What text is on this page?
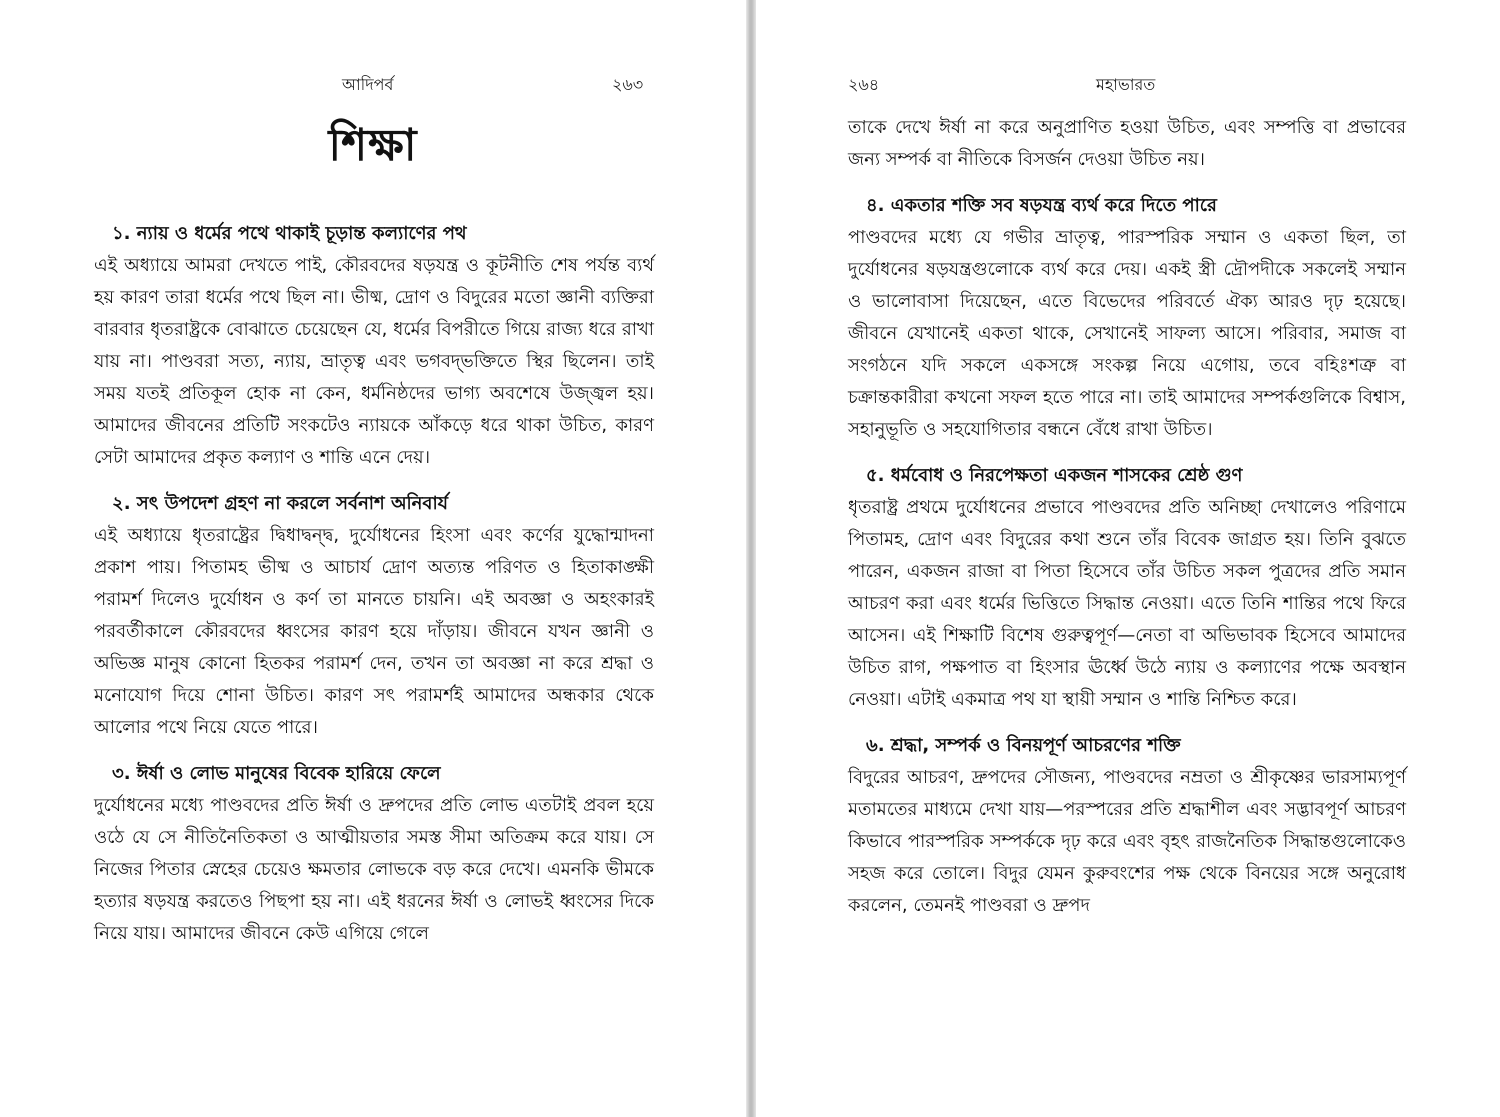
আদিপর্ব	২৬৩
শিক্ষা
১. ন্যায় ও ধর্মের পথে থাকাই চূড়ান্ত কল্যাণের পথ

এই অধ্যায়ে আমরা দেখতে পাই, কৌরবদের ষড়যন্ত্র ও কূটনীতি শেষ পর্যন্ত ব্যর্থ হয় কারণ তারা ধর্মের পথে ছিল না। ভীষ্ম, দ্রোণ ও বিদুরের মতো জ্ঞানী ব্যক্তিরা বারবার ধৃতরাষ্ট্রকে বোঝাতে চেয়েছেন যে, ধর্মের বিপরীতে গিয়ে রাজ্য ধরে রাখা যায় না। পাণ্ডবরা সত্য, ন্যায়, ভ্রাতৃত্ব এবং ভগবদ্‌ভক্তিতে স্থির ছিলেন। তাই সময় যতই প্রতিকূল হোক না কেন, ধর্মনিষ্ঠদের ভাগ্য অবশেষে উজ্জ্বল হয়। আমাদের জীবনের প্রতিটি সংকটেও ন্যায়কে আঁকড়ে ধরে থাকা উচিত, কারণ সেটা আমাদের প্রকৃত কল্যাণ ও শান্তি এনে দেয়।

২. সৎ উপদেশ গ্রহণ না করলে সর্বনাশ অনিবার্য

এই অধ্যায়ে ধৃতরাষ্ট্রের দ্বিধাদ্বন্দ্ব, দুর্যোধনের হিংসা এবং কর্ণের যুদ্ধোন্মাদনা প্রকাশ পায়। পিতামহ ভীষ্ম ও আচার্য দ্রোণ অত্যন্ত পরিণত ও হিতাকাঙ্ক্ষী পরামর্শ দিলেও দুর্যোধন ও কর্ণ তা মানতে চায়নি। এই অবজ্ঞা ও অহংকারই পরবর্তীকালে কৌরবদের ধ্বংসের কারণ হয়ে দাঁড়ায়। জীবনে যখন জ্ঞানী ও অভিজ্ঞ মানুষ কোনো হিতকর পরামর্শ দেন, তখন তা অবজ্ঞা না করে শ্রদ্ধা ও মনোযোগ দিয়ে শোনা উচিত। কারণ সৎ পরামর্শই আমাদের অন্ধকার থেকে আলোর পথে নিয়ে যেতে পারে।

৩. ঈর্ষা ও লোভ মানুষের বিবেক হারিয়ে ফেলে

দুর্যোধনের মধ্যে পাণ্ডবদের প্রতি ঈর্ষা ও দ্রুপদের প্রতি লোভ এতটাই প্রবল হয়ে ওঠে যে সে নীতিনৈতিকতা ও আত্মীয়তার সমস্ত সীমা অতিক্রম করে যায়। সে নিজের পিতার স্নেহের চেয়েও ক্ষমতার লোভকে বড় করে দেখে। এমনকি ভীমকে হত্যার ষড়যন্ত্র করতেও পিছপা হয় না। এই ধরনের ঈর্ষা ও লোভই ধ্বংসের দিকে নিয়ে যায়। আমাদের জীবনে কেউ এগিয়ে গেলে

২৬৪	মহাভারত

তাকে দেখে ঈর্ষা না করে অনুপ্রাণিত হওয়া উচিত, এবং সম্পত্তি বা প্রভাবের জন্য সম্পর্ক বা নীতিকে বিসর্জন দেওয়া উচিত নয়।

৪. একতার শক্তি সব ষড়যন্ত্র ব্যর্থ করে দিতে পারে

পাণ্ডবদের মধ্যে যে গভীর ভ্রাতৃত্ব, পারস্পরিক সম্মান ও একতা ছিল, তা দুর্যোধনের ষড়যন্ত্রগুলোকে ব্যর্থ করে দেয়। একই স্ত্রী দ্রৌপদীকে সকলেই সম্মান ও ভালোবাসা দিয়েছেন, এতে বিভেদের পরিবর্তে ঐক্য আরও দৃঢ় হয়েছে। জীবনে যেখানেই একতা থাকে, সেখানেই সাফল্য আসে। পরিবার, সমাজ বা সংগঠনে যদি সকলে একসঙ্গে সংকল্প নিয়ে এগোয়, তবে বহিঃশত্রু বা চক্রান্তকারীরা কখনো সফল হতে পারে না। তাই আমাদের সম্পর্কগুলিকে বিশ্বাস, সহানুভূতি ও সহযোগিতার বন্ধনে বেঁধে রাখা উচিত।

৫. ধর্মবোধ ও নিরপেক্ষতা একজন শাসকের শ্রেষ্ঠ গুণ

ধৃতরাষ্ট্র প্রথমে দুর্যোধনের প্রভাবে পাণ্ডবদের প্রতি অনিচ্ছা দেখালেও পরিণামে পিতামহ, দ্রোণ এবং বিদুরের কথা শুনে তাঁর বিবেক জাগ্রত হয়। তিনি বুঝতে পারেন, একজন রাজা বা পিতা হিসেবে তাঁর উচিত সকল পুত্রদের প্রতি সমান আচরণ করা এবং ধর্মের ভিত্তিতে সিদ্ধান্ত নেওয়া। এতে তিনি শান্তির পথে ফিরে আসেন। এই শিক্ষাটি বিশেষ গুরুত্বপূর্ণ—নেতা বা অভিভাবক হিসেবে আমাদের উচিত রাগ, পক্ষপাত বা হিংসার ঊর্ধ্বে উঠে ন্যায় ও কল্যাণের পক্ষে অবস্থান নেওয়া। এটাই একমাত্র পথ যা স্থায়ী সম্মান ও শান্তি নিশ্চিত করে।

৬. শ্রদ্ধা, সম্পর্ক ও বিনয়পূর্ণ আচরণের শক্তি

বিদুরের আচরণ, দ্রুপদের সৌজন্য, পাণ্ডবদের নম্রতা ও শ্রীকৃষ্ণের ভারসাম্যপূর্ণ মতামতের মাধ্যমে দেখা যায়—পরস্পরের প্রতি শ্রদ্ধাশীল এবং সদ্ভাবপূর্ণ আচরণ কিভাবে পারস্পরিক সম্পর্ককে দৃঢ় করে এবং বৃহৎ রাজনৈতিক সিদ্ধান্তগুলোকেও সহজ করে তোলে। বিদুর যেমন কুরুবংশের পক্ষ থেকে বিনয়ের সঙ্গে অনুরোধ করলেন, তেমনই পাণ্ডবরা ও দ্রুপদ
